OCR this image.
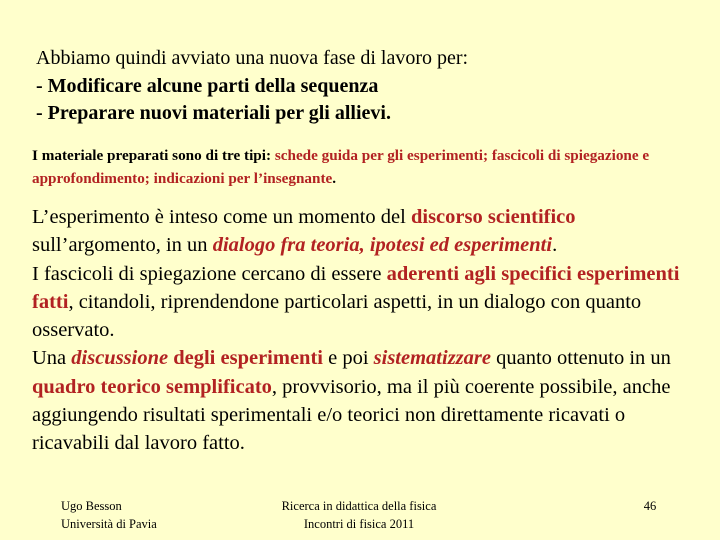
Abbiamo quindi avviato una nuova fase di lavoro per:
- Modificare alcune parti della sequenza
- Preparare nuovi materiali per gli allievi.
I materiale preparati sono di tre tipi: schede guida per gli esperimenti; fascicoli di spiegazione e approfondimento; indicazioni per l’insegnante.

L’esperimento è inteso come un momento del discorso scientifico sull’argomento, in un dialogo fra teoria, ipotesi ed esperimenti.

I fascicoli di spiegazione cercano di essere aderenti agli specifici esperimenti fatti, citandoli, riprendendone particolari aspetti, in un dialogo con quanto osservato.

Una discussione degli esperimenti e poi sistematizzare quanto ottenuto in un quadro teorico semplificato, provvisorio, ma il più coerente possibile, anche aggiungendo risultati sperimentali e/o teorici non direttamente ricavati o ricavabili dal lavoro fatto.

Ugo Besson
Università di Pavia
Ricerca in didattica della fisica
Incontri di fisica 2011
46
